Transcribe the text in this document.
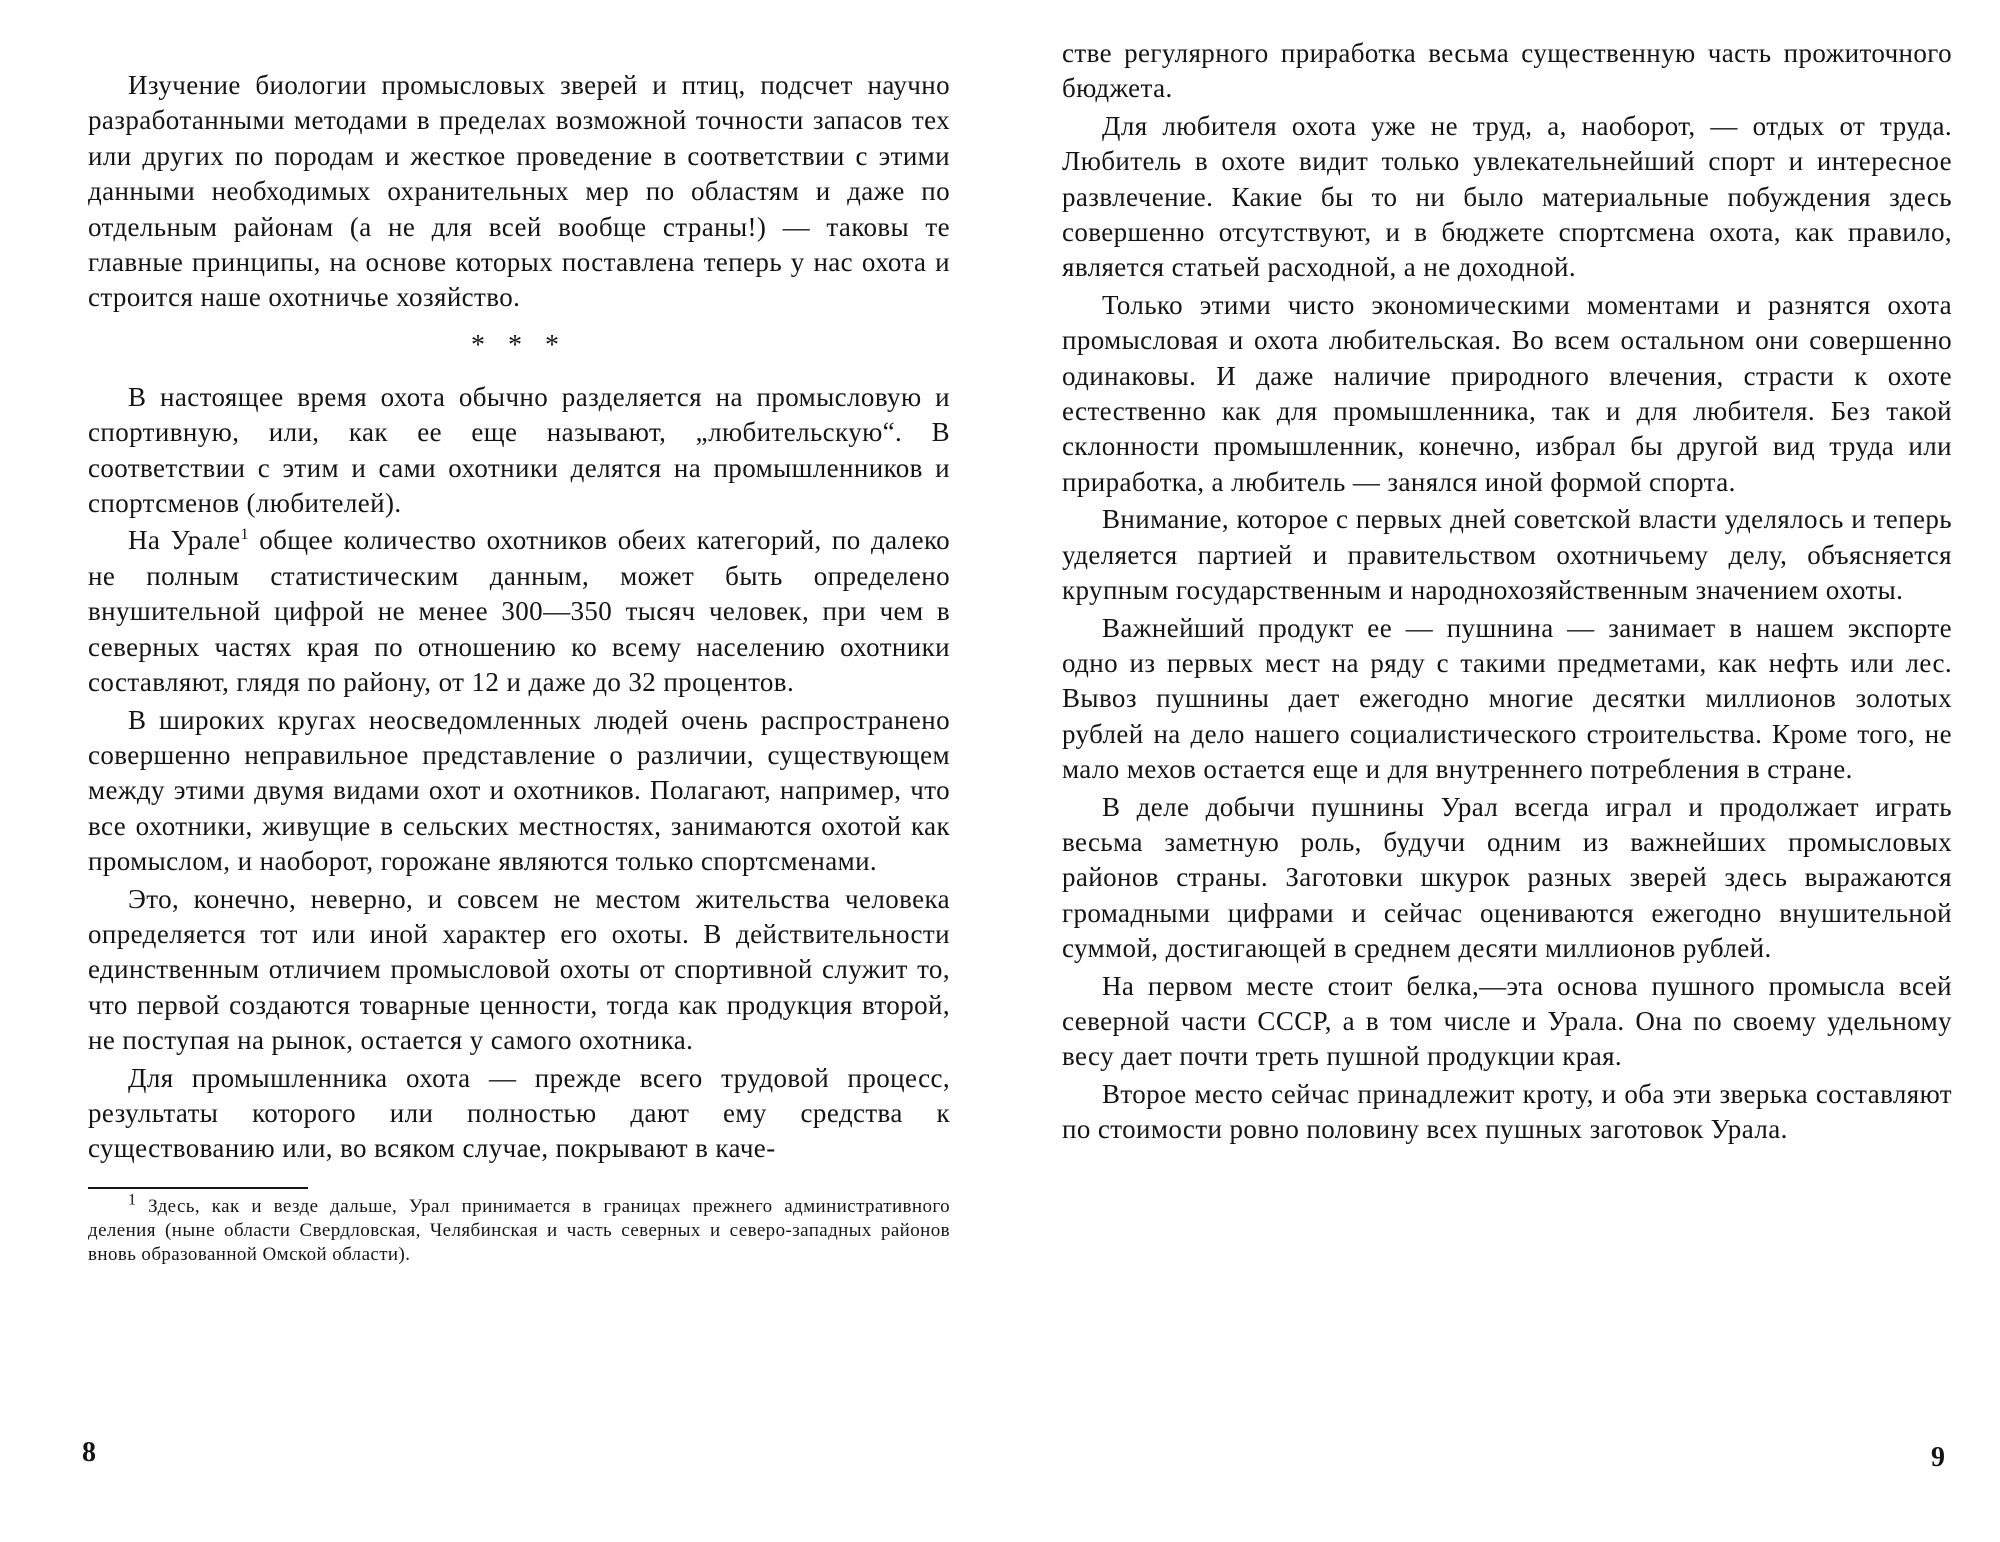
Изучение биологии промысловых зверей и птиц, подсчет научно разработанными методами в пределах возможной точности запасов тех или других по породам и жесткое проведение в соответствии с этими данными необходимых охранительных мер по областям и даже по отдельным районам (а не для всей вообще страны!) — таковы те главные принципы, на основе которых поставлена теперь у нас охота и строится наше охотничье хозяйство.

* * *

В настоящее время охота обычно разделяется на промысловую и спортивную, или, как ее еще называют, „любительскую“. В соответствии с этим и сами охотники делятся на промышленников и спортсменов (любителей).

На Урале$^1$ общее количество охотников обеих категорий, по далеко не полным статистическим данным, может быть определено внушительной цифрой не менее 300—350 тысяч человек, при чем в северных частях края по отношению ко всему населению охотники составляют, глядя по району, от 12 и даже до 32 процентов.

В широких кругах неосведомленных людей очень распространено совершенно неправильное представление о различии, существующем между этими двумя видами охот и охотников. Полагают, например, что все охотники, живущие в сельских местностях, занимаются охотой как промыслом, и наоборот, горожане являются только спортсменами.

Это, конечно, неверно, и совсем не местом жительства человека определяется тот или иной характер его охоты. В действительности единственным отличием промысловой охоты от спортивной служит то, что первой создаются товарные ценности, тогда как продукция второй, не поступая на рынок, остается у самого охотника.

Для промышленника охота — прежде всего трудовой процесс, результаты которого или полностью дают ему средства к существованию или, во всяком случае, покрывают в каче-

$^1$ Здесь, как и везде дальше, Урал принимается в границах прежнего административного деления (ныне области Свердловская, Челябинская и часть северных и северо-западных районов вновь образованной Омской области).

8

стве регулярного приработка весьма существенную часть прожиточного бюджета.

Для любителя охота уже не труд, а, наоборот, — отдых от труда. Любитель в охоте видит только увлекательнейший спорт и интересное развлечение. Какие бы то ни было материальные побуждения здесь совершенно отсутствуют, и в бюджете спортсмена охота, как правило, является статьей расходной, а не доходной.

Только этими чисто экономическими моментами и разнятся охота промысловая и охота любительская. Во всем остальном они совершенно одинаковы. И даже наличие природного влечения, страсти к охоте естественно как для промышленника, так и для любителя. Без такой склонности промышленник, конечно, избрал бы другой вид труда или приработка, а любитель — занялся иной формой спорта.

Внимание, которое с первых дней советской власти уделялось и теперь уделяется партией и правительством охотничьему делу, объясняется крупным государственным и народнохозяйственным значением охоты.

Важнейший продукт ее — пушнина — занимает в нашем экспорте одно из первых мест на ряду с такими предметами, как нефть или лес. Вывоз пушнины дает ежегодно многие десятки миллионов золотых рублей на дело нашего социалистического строительства. Кроме того, не мало мехов остается еще и для внутреннего потребления в стране.

В деле добычи пушнины Урал всегда играл и продолжает играть весьма заметную роль, будучи одним из важнейших промысловых районов страны. Заготовки шкурок разных зверей здесь выражаются громадными цифрами и сейчас оцениваются ежегодно внушительной суммой, достигающей в среднем десяти миллионов рублей.

На первом месте стоит белка,—эта основа пушного промысла всей северной части СССР, а в том числе и Урала. Она по своему удельному весу дает почти треть пушной продукции края.

Второе место сейчас принадлежит кроту, и оба эти зверька составляют по стоимости ровно половину всех пушных заготовок Урала.

9
